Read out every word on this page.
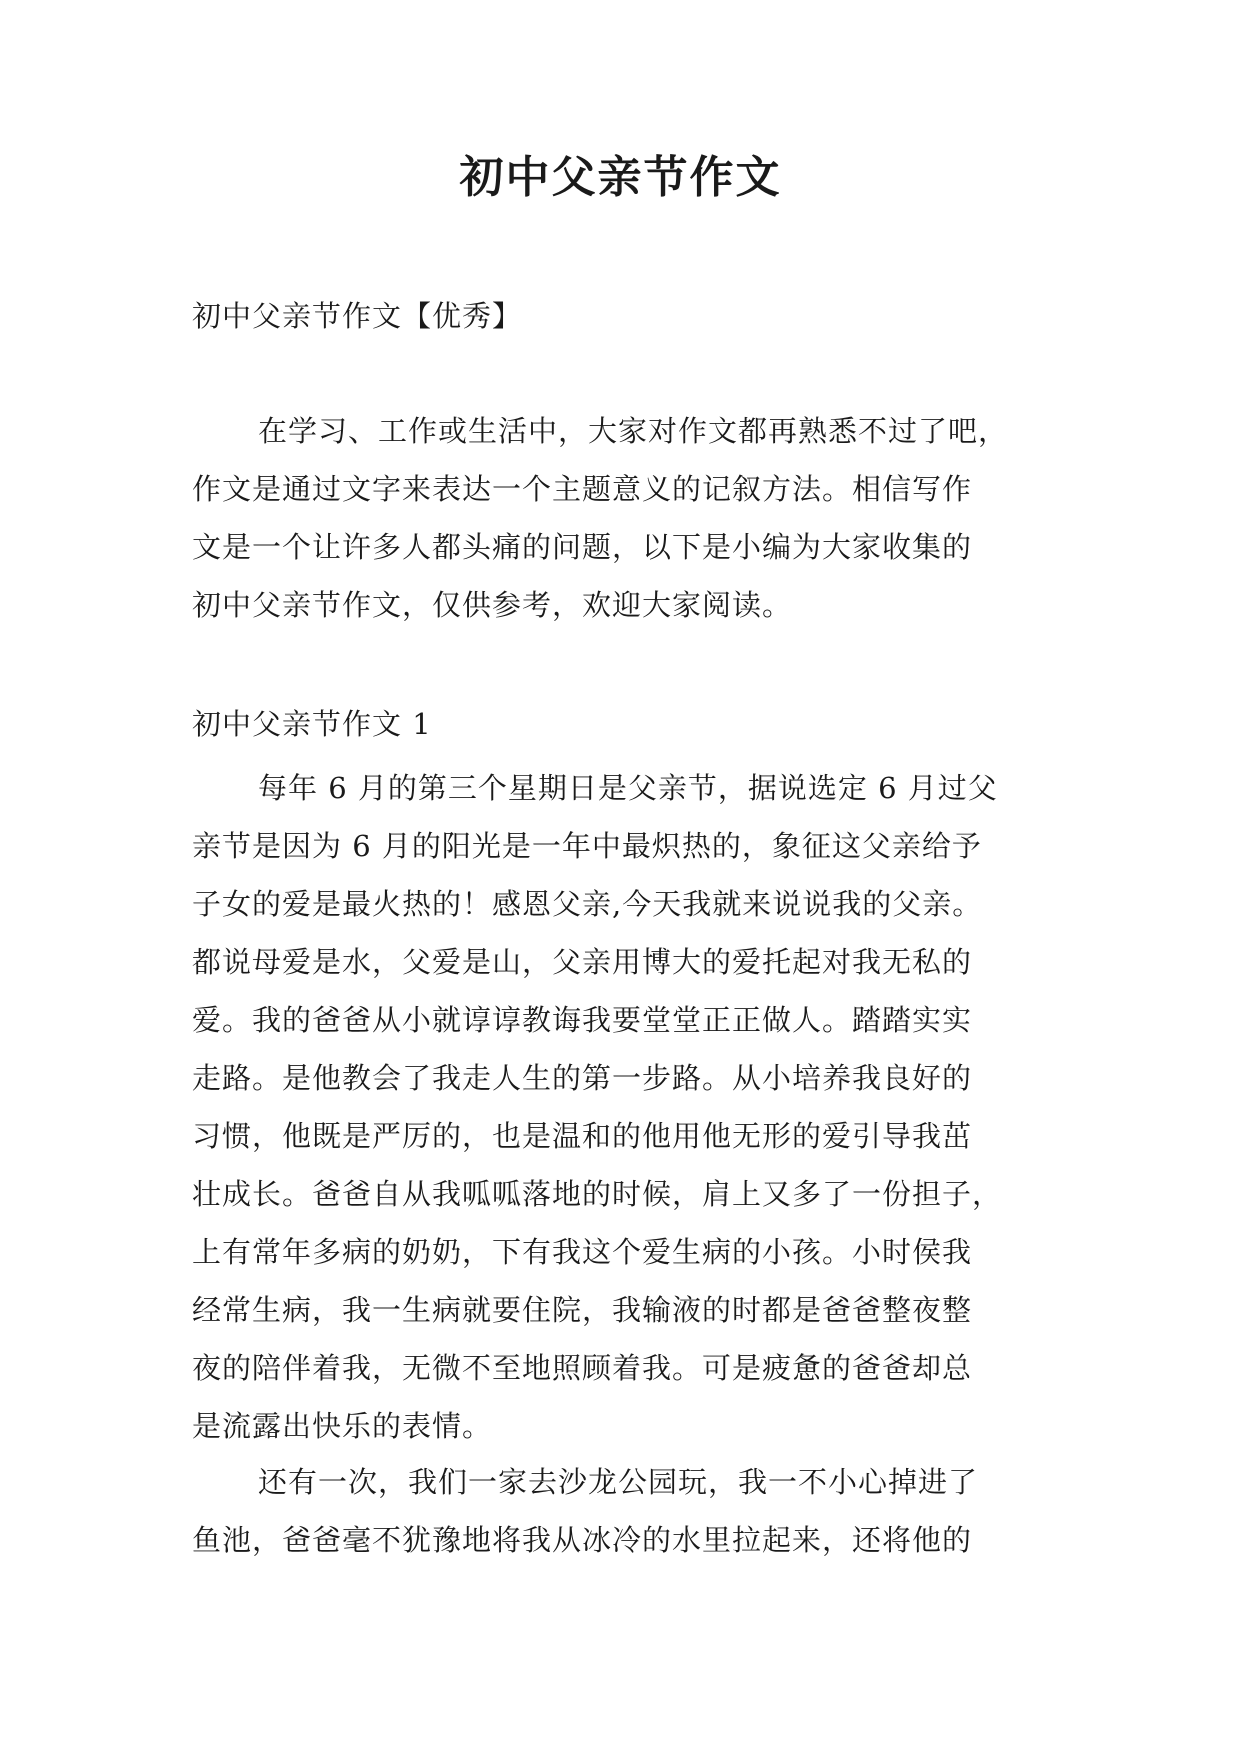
初中父亲节作文

初中父亲节作文【优秀】

在学习、工作或生活中，大家对作文都再熟悉不过了吧，
作文是通过文字来表达一个主题意义的记叙方法。相信写作
文是一个让许多人都头痛的问题，以下是小编为大家收集的
初中父亲节作文，仅供参考，欢迎大家阅读。

初中父亲节作文 1

每年 6 月的第三个星期日是父亲节，据说选定 6 月过父
亲节是因为 6 月的阳光是一年中最炽热的，象征这父亲给予
子女的爱是最火热的！感恩父亲,今天我就来说说我的父亲。
都说母爱是水，父爱是山，父亲用博大的爱托起对我无私的
爱。我的爸爸从小就谆谆教诲我要堂堂正正做人。踏踏实实
走路。是他教会了我走人生的第一步路。从小培养我良好的
习惯，他既是严厉的，也是温和的他用他无形的爱引导我茁
壮成长。爸爸自从我呱呱落地的时候，肩上又多了一份担子，
上有常年多病的奶奶，下有我这个爱生病的小孩。小时侯我
经常生病，我一生病就要住院，我输液的时都是爸爸整夜整
夜的陪伴着我，无微不至地照顾着我。可是疲惫的爸爸却总
是流露出快乐的表情。
还有一次，我们一家去沙龙公园玩，我一不小心掉进了
鱼池，爸爸毫不犹豫地将我从冰冷的水里拉起来，还将他的
